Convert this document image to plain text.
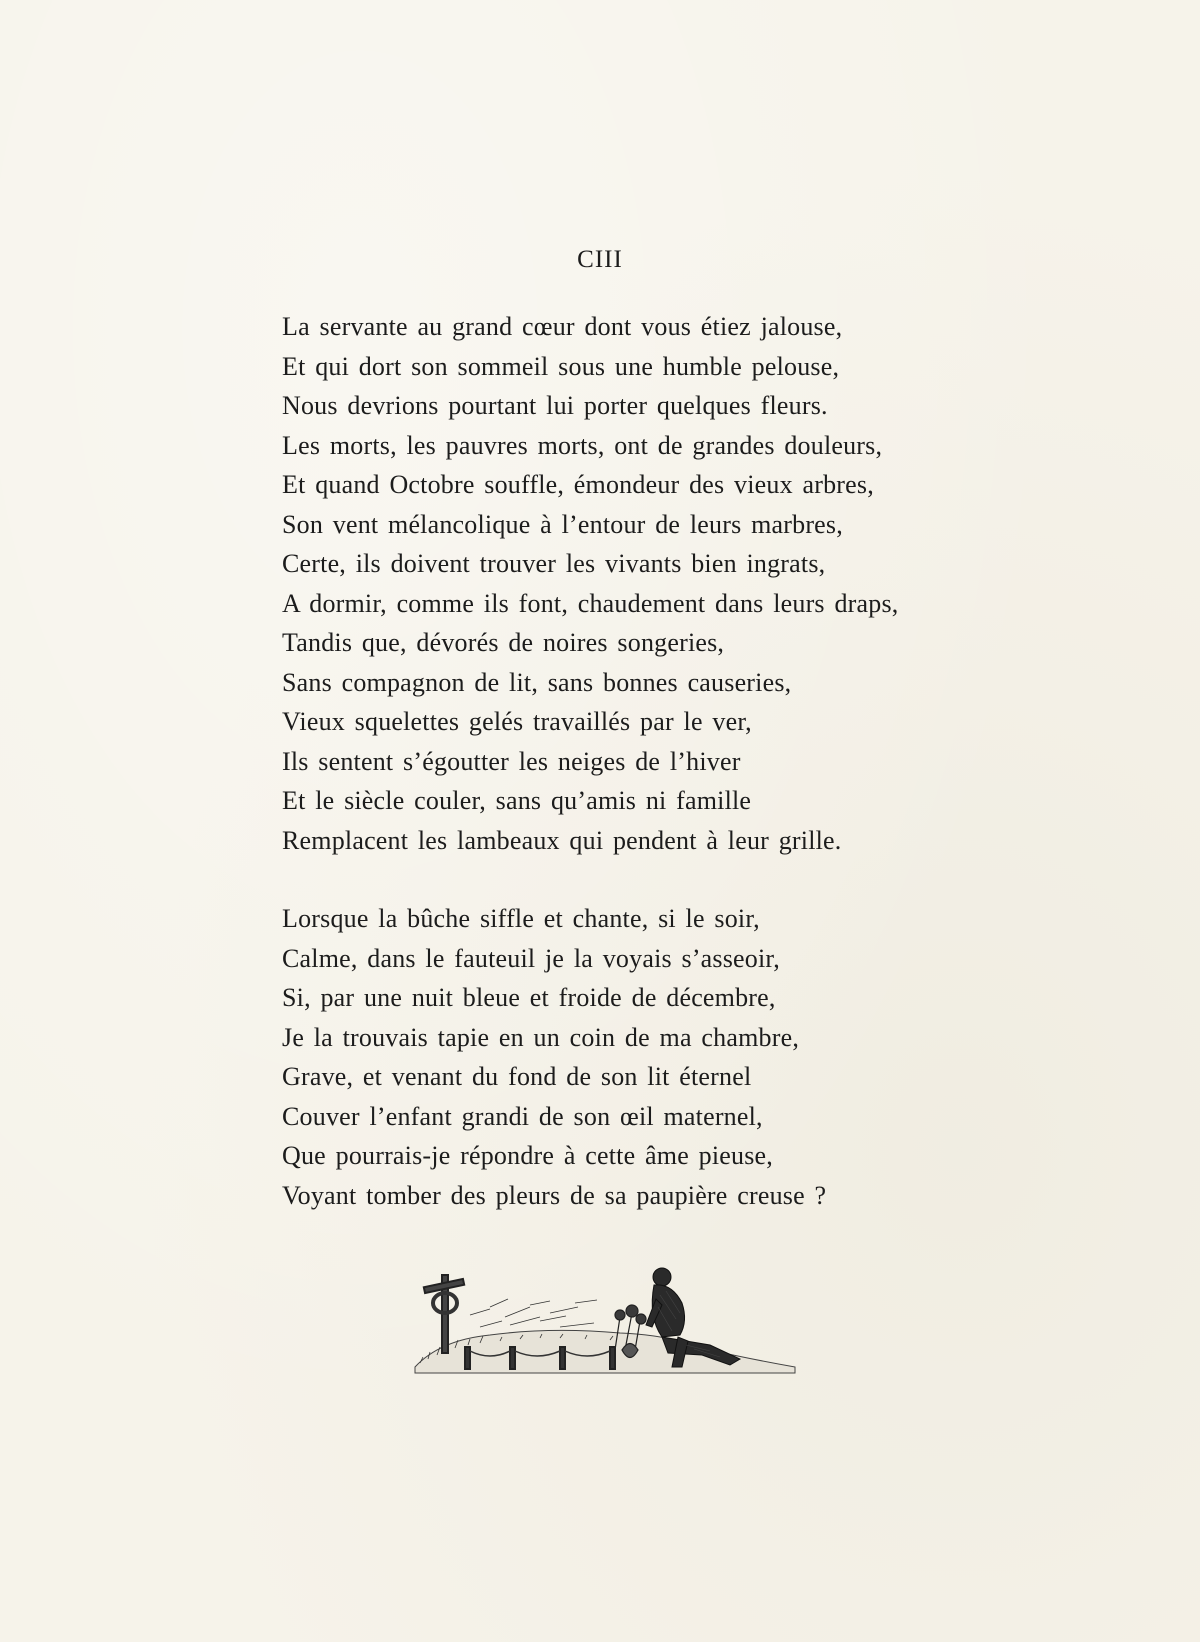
CIII
La servante au grand cœur dont vous étiez jalouse,
Et qui dort son sommeil sous une humble pelouse,
Nous devrions pourtant lui porter quelques fleurs.
Les morts, les pauvres morts, ont de grandes douleurs,
Et quand Octobre souffle, émondeur des vieux arbres,
Son vent mélancolique à l’entour de leurs marbres,
Certe, ils doivent trouver les vivants bien ingrats,
A dormir, comme ils font, chaudement dans leurs draps,
Tandis que, dévorés de noires songeries,
Sans compagnon de lit, sans bonnes causeries,
Vieux squelettes gelés travaillés par le ver,
Ils sentent s’égoutter les neiges de l’hiver
Et le siècle couler, sans qu’amis ni famille
Remplacent les lambeaux qui pendent à leur grille.
Lorsque la bûche siffle et chante, si le soir,
Calme, dans le fauteuil je la voyais s’asseoir,
Si, par une nuit bleue et froide de décembre,
Je la trouvais tapie en un coin de ma chambre,
Grave, et venant du fond de son lit éternel
Couver l’enfant grandi de son œil maternel,
Que pourrais-je répondre à cette âme pieuse,
Voyant tomber des pleurs de sa paupière creuse ?
